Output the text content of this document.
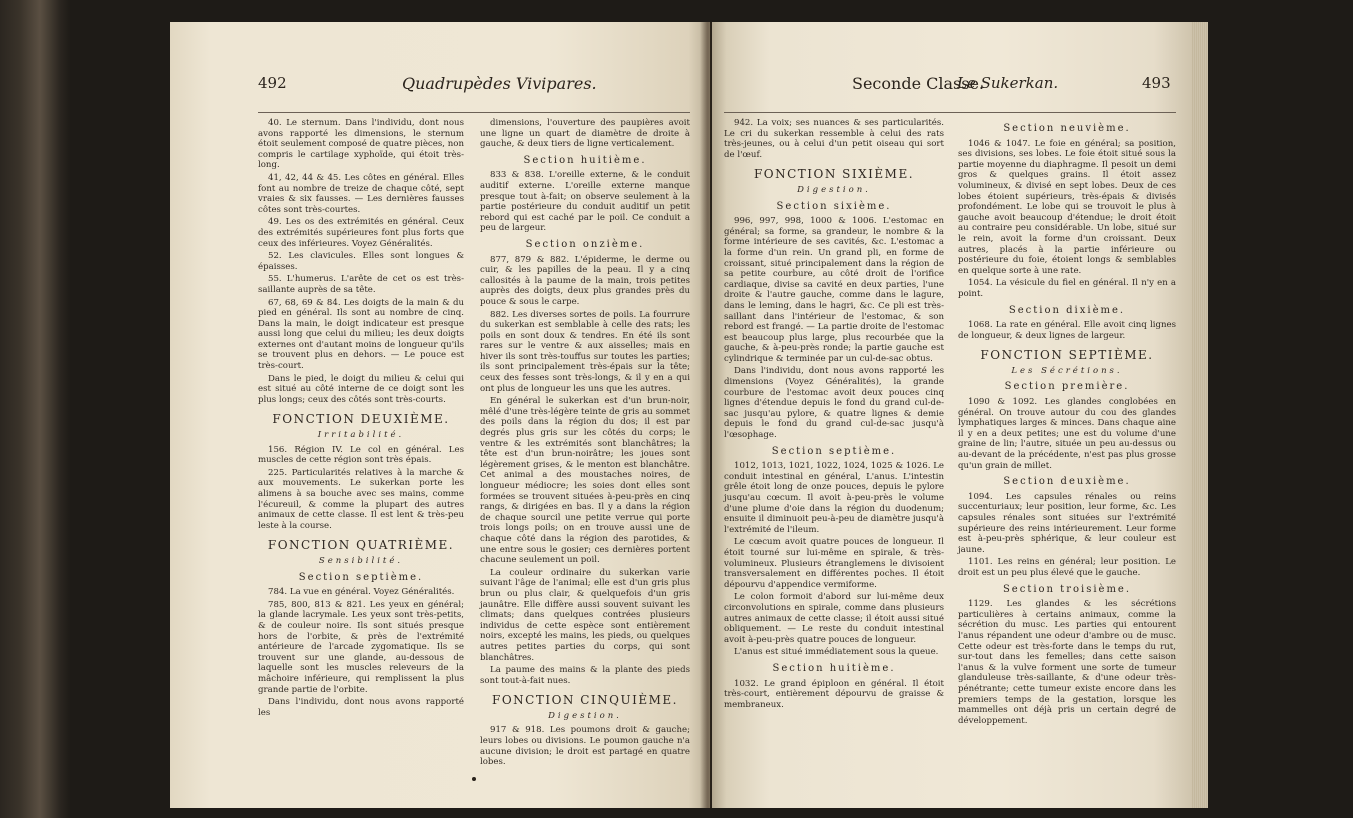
492	Quadrupèdes Vivipares.

40. Le sternum. Dans l'individu, dont nous avons rapporté les dimensions, le sternum étoit seulement composé de quatre pièces, non compris le cartilage xyphoïde, qui étoit très-long.

41, 42, 44 & 45. Les côtes en général. Elles font au nombre de treize de chaque côté, sept vraies & six fausses. — Les dernières fausses côtes sont très-courtes.

49. Les os des extrémités en général. Ceux des extrémités supérieures font plus forts que ceux des inférieures. Voyez Généralités.

52. Les clavicules. Elles sont longues & épaisses.

55. L'humerus. L'arête de cet os est très-saillante auprès de sa tête.

67, 68, 69 & 84. Les doigts de la main & du pied en général. Ils sont au nombre de cinq. Dans la main, le doigt indicateur est presque aussi long que celui du milieu; les deux doigts externes ont d'autant moins de longueur qu'ils se trouvent plus en dehors. — Le pouce est très-court.

Dans le pied, le doigt du milieu & celui qui est situé au côté interne de ce doigt sont les plus longs; ceux des côtés sont très-courts.

FONCTION DEUXIÈME.
Irritabilité.

156. Région IV. Le col en général. Les muscles de cette région sont très épais.

225. Particularités relatives à la marche & aux mouvements. Le sukerkan porte les alimens à sa bouche avec ses mains, comme l'écureuil, & comme la plupart des autres animaux de cette classe. Il est lent & très-peu leste à la course.

FONCTION QUATRIÈME.
Sensibilité.
Section septième.

784. La vue en général. Voyez Généralités.

785, 800, 813 & 821. Les yeux en général; la glande lacrymale. Les yeux sont très-petits, & de couleur noire. Ils sont situés presque hors de l'orbite, & près de l'extrémité antérieure de l'arcade zygomatique. Ils se trouvent sur une glande, au-dessous de laquelle sont les muscles releveurs de la mâchoire inférieure, qui remplissent la plus grande partie de l'orbite.

Dans l'individu, dont nous avons rapporté les

dimensions, l'ouverture des paupières avoit une ligne un quart de diamètre de droite à gauche, & deux tiers de ligne verticalement.

Section huitième.

833 & 838. L'oreille externe, & le conduit auditif externe. L'oreille externe manque presque tout à-fait; on observe seulement à la partie postérieure du conduit auditif un petit rebord qui est caché par le poil. Ce conduit a peu de largeur.

Section onzième.

877, 879 & 882. L'épiderme, le derme ou cuir, & les papilles de la peau. Il y a cinq callosités à la paume de la main, trois petites auprès des doigts, deux plus grandes près du pouce & sous le carpe.

882. Les diverses sortes de poils. La fourrure du sukerkan est semblable à celle des rats; les poils en sont doux & tendres. En été ils sont rares sur le ventre & aux aisselles; mais en hiver ils sont très-touffus sur toutes les parties; ils sont principalement très-épais sur la tête; ceux des fesses sont très-longs, & il y en a qui ont plus de longueur les uns que les autres.

En général le sukerkan est d'un brun-noir, mêlé d'une très-légère teinte de gris au sommet des poils dans la région du dos; il est par degrés plus gris sur les côtés du corps; le ventre & les extrémités sont blanchâtres; la tête est d'un brun-noirâtre; les joues sont légèrement grises, & le menton est blanchâtre. Cet animal a des moustaches noires, de longueur médiocre; les soies dont elles sont formées se trouvent situées à-peu-près en cinq rangs, & dirigées en bas. Il y a dans la région de chaque sourcil une petite verrue qui porte trois longs poils; on en trouve aussi une de chaque côté dans la région des parotides, & une entre sous le gosier; ces dernières portent chacune seulement un poil.

La couleur ordinaire du sukerkan varie suivant l'âge de l'animal; elle est d'un gris plus brun ou plus clair, & quelquefois d'un gris jaunâtre. Elle diffère aussi souvent suivant les climats; dans quelques contrées plusieurs individus de cette espèce sont entièrement noirs, excepté les mains, les pieds, ou quelques autres petites parties du corps, qui sont blanchâtres.

La paume des mains & la plante des pieds sont tout-à-fait nues.

FONCTION CINQUIÈME.
Digestion.

917 & 918. Les poumons droit & gauche; leurs lobes ou divisions. Le poumon gauche n'a aucune division; le droit est partagé en quatre lobes.

Seconde Classe.
Le Sukerkan.	493

942. La voix; ses nuances & ses particularités. Le cri du sukerkan ressemble à celui des rats très-jeunes, ou à celui d'un petit oiseau qui sort de l'œuf.

FONCTION SIXIÈME.
Digestion.
Section sixième.

996, 997, 998, 1000 & 1006. L'estomac en général; sa forme, sa grandeur, le nombre & la forme intérieure de ses cavités, &c. L'estomac a la forme d'un rein. Un grand pli, en forme de croissant, situé principalement dans la région de sa petite courbure, au côté droit de l'orifice cardiaque, divise sa cavité en deux parties, l'une droite & l'autre gauche, comme dans le lagure, dans le leming, dans le hagri, &c. Ce pli est très-saillant dans l'intérieur de l'estomac, & son rebord est frangé. — La partie droite de l'estomac est beaucoup plus large, plus recourbée que la gauche, & à-peu-près ronde; la partie gauche est cylindrique & terminée par un cul-de-sac obtus.

Dans l'individu, dont nous avons rapporté les dimensions (Voyez Généralités), la grande courbure de l'estomac avoit deux pouces cinq lignes d'étendue depuis le fond du grand cul-de-sac jusqu'au pylore, & quatre lignes & demie depuis le fond du grand cul-de-sac jusqu'à l'œsophage.

Section septième.

1012, 1013, 1021, 1022, 1024, 1025 & 1026. Le conduit intestinal en général, L'anus. L'intestin grêle étoit long de onze pouces, depuis le pylore jusqu'au cœcum. Il avoit à-peu-près le volume d'une plume d'oie dans la région du duodenum; ensuite il diminuoit peu-à-peu de diamètre jusqu'à l'extrémité de l'ileum.

Le cœcum avoit quatre pouces de longueur. Il étoit tourné sur lui-même en spirale, & très-volumineux. Plusieurs étranglemens le divisoient transversalement en différentes poches. Il étoit dépourvu d'appendice vermiforme.

Le colon formoit d'abord sur lui-même deux circonvolutions en spirale, comme dans plusieurs autres animaux de cette classe; il étoit aussi situé obliquement. — Le reste du conduit intestinal avoit à-peu-près quatre pouces de longueur.

L'anus est situé immédiatement sous la queue.

Section huitième.

1032. Le grand épiploon en général. Il étoit très-court, entièrement dépourvu de graisse & membraneux.

Section neuvième.

1046 & 1047. Le foie en général; sa position, ses divisions, ses lobes. Le foie étoit situé sous la partie moyenne du diaphragme. Il pesoit un demi gros & quelques grains. Il étoit assez volumineux, & divisé en sept lobes. Deux de ces lobes étoient supérieurs, très-épais & divisés profondément. Le lobe qui se trouvoit le plus à gauche avoit beaucoup d'étendue; le droit étoit au contraire peu considérable. Un lobe, situé sur le rein, avoit la forme d'un croissant. Deux autres, placés à la partie inférieure ou postérieure du foie, étoient longs & semblables en quelque sorte à une rate.

1054. La vésicule du fiel en général. Il n'y en a point.

Section dixième.

1068. La rate en général. Elle avoit cinq lignes de longueur, & deux lignes de largeur.

FONCTION SEPTIÈME.
Les Sécrétions.
Section première.

1090 & 1092. Les glandes conglobées en général. On trouve autour du cou des glandes lymphatiques larges & minces. Dans chaque aine il y en a deux petites; une est du volume d'une graine de lin; l'autre, située un peu au-dessus ou au-devant de la précédente, n'est pas plus grosse qu'un grain de millet.

Section deuxième.

1094. Les capsules rénales ou reins succenturiaux; leur position, leur forme, &c. Les capsules rénales sont situées sur l'extrémité supérieure des reins intérieurement. Leur forme est à-peu-près sphérique, & leur couleur est jaune.

1101. Les reins en général; leur position. Le droit est un peu plus élevé que le gauche.

Section troisième.

1129. Les glandes & les sécrétions particulières à certains animaux, comme la sécrétion du musc. Les parties qui entourent l'anus répandent une odeur d'ambre ou de musc. Cette odeur est très-forte dans le temps du rut, sur-tout dans les femelles; dans cette saison l'anus & la vulve forment une sorte de tumeur glanduleuse très-saillante, & d'une odeur très-pénétrante; cette tumeur existe encore dans les premiers temps de la gestation, lorsque les mammelles ont déjà pris un certain degré de développement.
